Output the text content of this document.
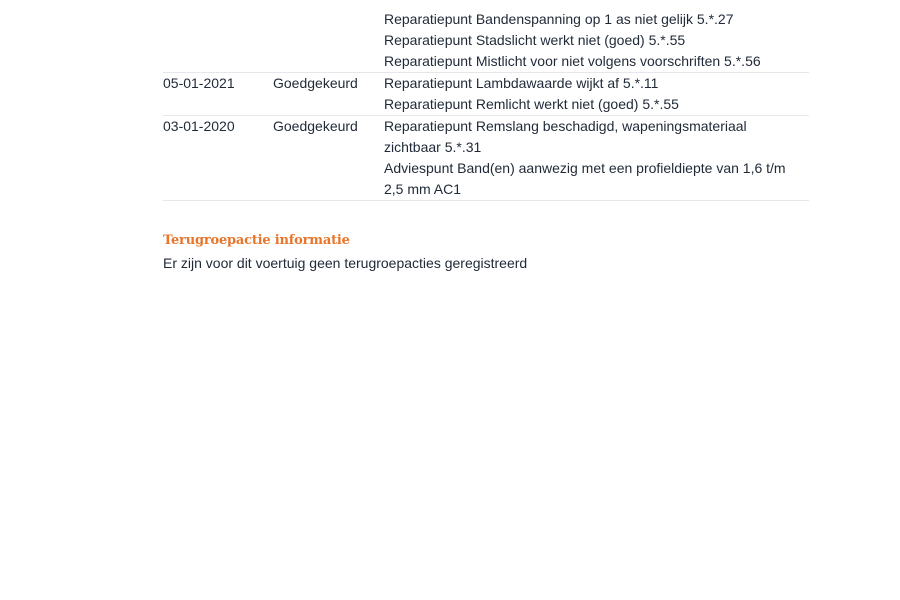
Reparatiepunt Bandenspanning op 1 as niet gelijk 5.*.27
Reparatiepunt Stadslicht werkt niet (goed) 5.*.55
Reparatiepunt Mistlicht voor niet volgens voorschriften 5.*.56
05-01-2021	Goedgekeurd	Reparatiepunt Lambdawaarde wijkt af 5.*.11
Reparatiepunt Remlicht werkt niet (goed) 5.*.55
03-01-2020	Goedgekeurd	Reparatiepunt Remslang beschadigd, wapeningsmateriaal zichtbaar 5.*.31
Adviespunt Band(en) aanwezig met een profieldiepte van 1,6 t/m 2,5 mm AC1
Terugroepactie informatie
Er zijn voor dit voertuig geen terugroepacties geregistreerd
